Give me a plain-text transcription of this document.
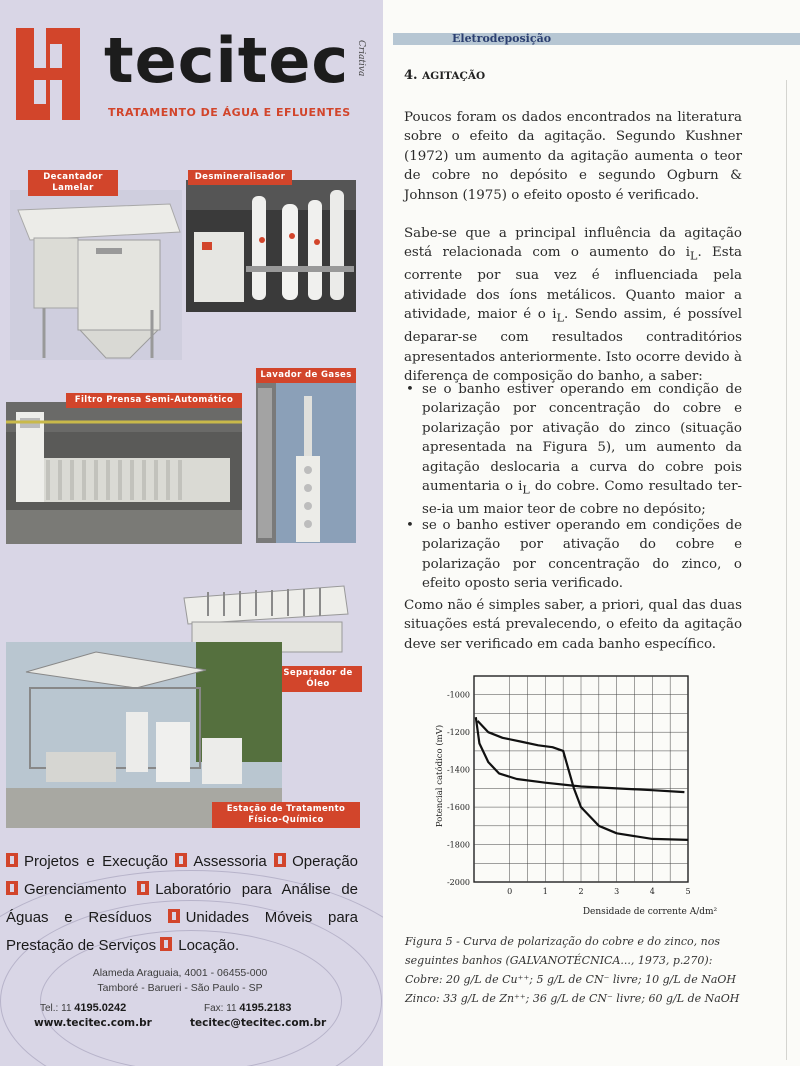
tecitec Criativa
TRATAMENTO DE ÁGUA E EFLUENTES
Decantador
Lamelar
Desmineralisador
Lavador de Gases
Filtro Prensa Semi-Automático
Separador de
Óleo
Estação de Tratamento
Físico-Químico
Projetos e Execução Assessoria Operação Gerenciamento Laboratório para Análise de Águas e Resíduos Unidades Móveis para Prestação de Serviços Locação.
Alameda Araguaia, 4001 - 06455-000
Tamboré - Barueri - São Paulo - SP
Tel.: 11 4195.0242	Fax: 11 4195.2183
www.tecitec.com.br	tecitec@tecitec.com.br
Eletrodeposição
4. AGITAÇÃO
Poucos foram os dados encontrados na literatura sobre o efeito da agitação. Segundo Kushner (1972) um aumento da agitação aumenta o teor de cobre no depósito e segundo Ogburn & Johnson (1975) o efeito oposto é verificado.
Sabe-se que a principal influência da agitação está relacionada com o aumento do $i_L$. Esta corrente por sua vez é influenciada pela atividade dos íons metálicos. Quanto maior a atividade, maior é o $i_L$. Sendo assim, é possível deparar-se com resultados contraditórios apresentados anteriormente. Isto ocorre devido à diferença de composição do banho, a saber:
• se o banho estiver operando em condição de polarização por concentração do cobre e polarização por ativação do zinco (situação apresentada na Figura 5), um aumento da agitação deslocaria a curva do cobre pois aumentaria o $i_L$ do cobre. Como resultado ter-se-ia um maior teor de cobre no depósito;
• se o banho estiver operando em condições de polarização por ativação do cobre e polarização por concentração do zinco, o efeito oposto seria verificado.
Como não é simples saber, a priori, qual das duas situações está prevalecendo, o efeito da agitação deve ser verificado em cada banho específico.
-1000
-1200
-1400
-1600
-1800
-2000
0	1	2	3	4	5
Potencial catódico (mV)
Densidade de corrente A/dm²
Figura 5 - Curva de polarização do cobre e do zinco, nos seguintes banhos (GALVANOTÉCNICA..., 1973, p.270):
Cobre: 20 g/L de Cu⁺⁺; 5 g/L de CN⁻ livre; 10 g/L de NaOH
Zinco: 33 g/L de Zn⁺⁺; 36 g/L de CN⁻ livre; 60 g/L de NaOH
